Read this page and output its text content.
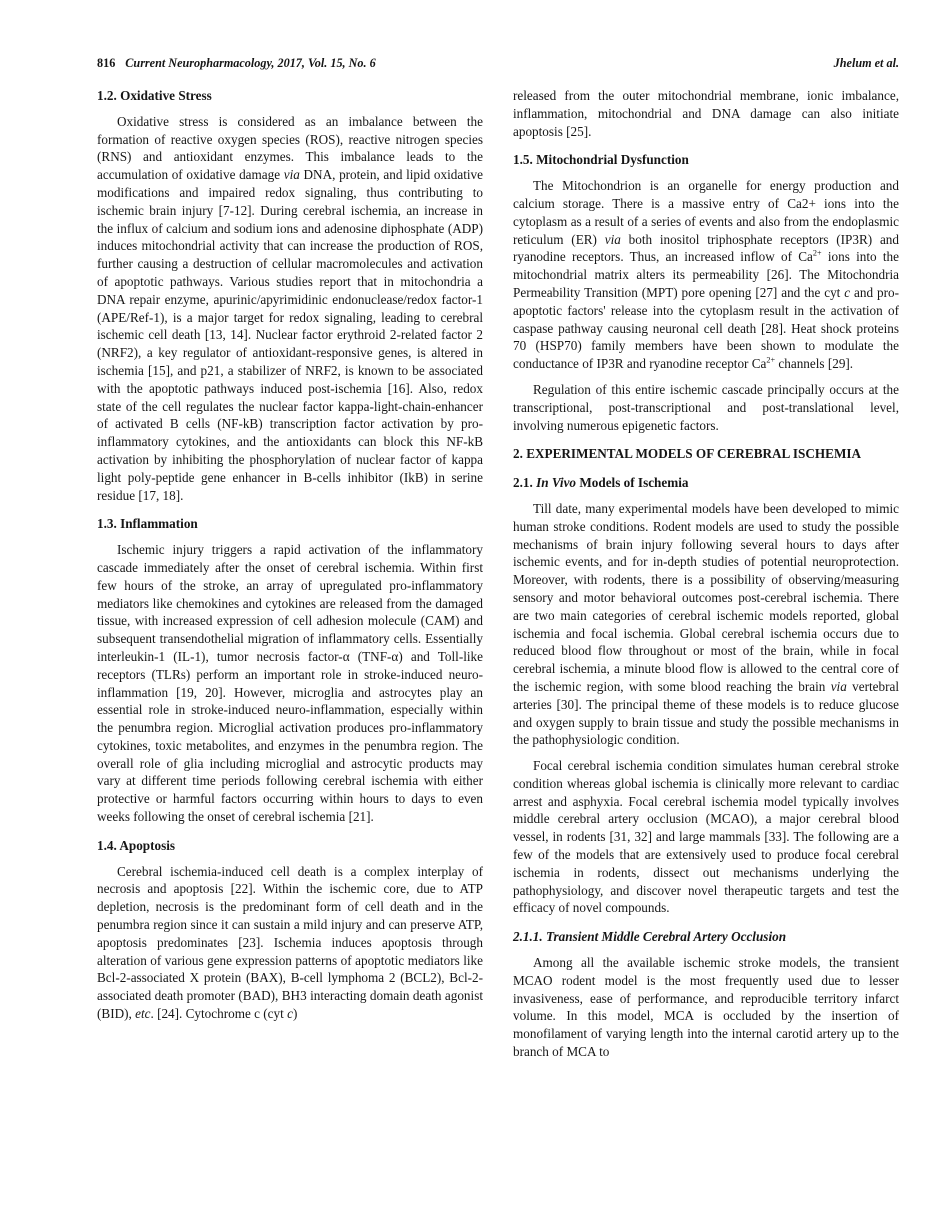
816 Current Neuropharmacology, 2017, Vol. 15, No. 6	Jhelum et al.
1.2. Oxidative Stress

Oxidative stress is considered as an imbalance between the formation of reactive oxygen species (ROS), reactive nitrogen species (RNS) and antioxidant enzymes. This imbalance leads to the accumulation of oxidative damage via DNA, protein, and lipid oxidative modifications and impaired redox signaling, thus contributing to ischemic brain injury [7-12]. During cerebral ischemia, an increase in the influx of calcium and sodium ions and adenosine diphosphate (ADP) induces mitochondrial activity that can increase the production of ROS, further causing a destruction of cellular macromolecules and activation of apoptotic pathways. Various studies report that in mitochondria a DNA repair enzyme, apurinic/apyrimidinic endonuclease/redox factor-1 (APE/Ref-1), is a major target for redox signaling, leading to cerebral ischemic cell death [13, 14]. Nuclear factor erythroid 2-related factor 2 (NRF2), a key regulator of antioxidant-responsive genes, is altered in ischemia [15], and p21, a stabilizer of NRF2, is known to be associated with the apoptotic pathways induced post-ischemia [16]. Also, redox state of the cell regulates the nuclear factor kappa-light-chain-enhancer of activated B cells (NF-kB) transcription factor activation by pro-inflammatory cytokines, and the antioxidants can block this NF-kB activation by inhibiting the phosphorylation of nuclear factor of kappa light poly-peptide gene enhancer in B-cells inhibitor (IkB) in serine residue [17, 18].

1.3. Inflammation

Ischemic injury triggers a rapid activation of the inflammatory cascade immediately after the onset of cerebral ischemia. Within first few hours of the stroke, an array of upregulated pro-inflammatory mediators like chemokines and cytokines are released from the damaged tissue, with increased expression of cell adhesion molecule (CAM) and subsequent transendothelial migration of inflammatory cells. Essentially interleukin-1 (IL-1), tumor necrosis factor-α (TNF-α) and Toll-like receptors (TLRs) perform an important role in stroke-induced neuro-inflammation [19, 20]. However, microglia and astrocytes play an essential role in stroke-induced neuro-inflammation, especially within the penumbra region. Microglial activation produces pro-inflammatory cytokines, toxic metabolites, and enzymes in the penumbra region. The overall role of glia including microglial and astrocytic products may vary at different time periods following cerebral ischemia with either protective or harmful factors occurring within hours to days to even weeks following the onset of cerebral ischemia [21].

1.4. Apoptosis

Cerebral ischemia-induced cell death is a complex interplay of necrosis and apoptosis [22]. Within the ischemic core, due to ATP depletion, necrosis is the predominant form of cell death and in the penumbra region since it can sustain a mild injury and can preserve ATP, apoptosis predominates [23]. Ischemia induces apoptosis through alteration of various gene expression patterns of apoptotic mediators like Bcl-2-associated X protein (BAX), B-cell lymphoma 2 (BCL2), Bcl-2-associated death promoter (BAD), BH3 interacting domain death agonist (BID), etc. [24]. Cytochrome c (cyt c)

released from the outer mitochondrial membrane, ionic imbalance, inflammation, mitochondrial and DNA damage can also initiate apoptosis [25].

1.5. Mitochondrial Dysfunction

The Mitochondrion is an organelle for energy production and calcium storage. There is a massive entry of Ca2+ ions into the cytoplasm as a result of a series of events and also from the endoplasmic reticulum (ER) via both inositol triphosphate receptors (IP3R) and ryanodine receptors. Thus, an increased inflow of $Ca^{2+}$ ions into the mitochondrial matrix alters its permeability [26]. The Mitochondria Permeability Transition (MPT) pore opening [27] and the cyt c and pro-apoptotic factors' release into the cytoplasm result in the activation of caspase pathway causing neuronal cell death [28]. Heat shock proteins 70 (HSP70) family members have been shown to modulate the conductance of IP3R and ryanodine receptor $Ca^{2+}$ channels [29].

Regulation of this entire ischemic cascade principally occurs at the transcriptional, post-transcriptional and post-translational level, involving numerous epigenetic factors.

2. EXPERIMENTAL MODELS OF CEREBRAL ISCHEMIA
2.1. In Vivo Models of Ischemia

Till date, many experimental models have been developed to mimic human stroke conditions. Rodent models are used to study the possible mechanisms of brain injury following several hours to days after ischemic events, and for in-depth studies of potential neuroprotection. Moreover, with rodents, there is a possibility of observing/measuring sensory and motor behavioral outcomes post-cerebral ischemia. There are two main categories of cerebral ischemic models reported, global ischemia and focal ischemia. Global cerebral ischemia occurs due to reduced blood flow throughout or most of the brain, while in focal cerebral ischemia, a minute blood flow is allowed to the central core of the ischemic region, with some blood reaching the brain via vertebral arteries [30]. The principal theme of these models is to reduce glucose and oxygen supply to brain tissue and study the possible mechanisms in the pathophysiologic condition.

Focal cerebral ischemia condition simulates human cerebral stroke condition whereas global ischemia is clinically more relevant to cardiac arrest and asphyxia. Focal cerebral ischemia model typically involves middle cerebral artery occlusion (MCAO), a major cerebral blood vessel, in rodents [31, 32] and large mammals [33]. The following are a few of the models that are extensively used to produce focal cerebral ischemia in rodents, dissect out mechanisms underlying the pathophysiology, and discover novel therapeutic targets and test the efficacy of novel compounds.

2.1.1. Transient Middle Cerebral Artery Occlusion

Among all the available ischemic stroke models, the transient MCAO rodent model is the most frequently used due to lesser invasiveness, ease of performance, and reproducible territory infarct volume. In this model, MCA is occluded by the insertion of monofilament of varying length into the internal carotid artery up to the branch of MCA to
